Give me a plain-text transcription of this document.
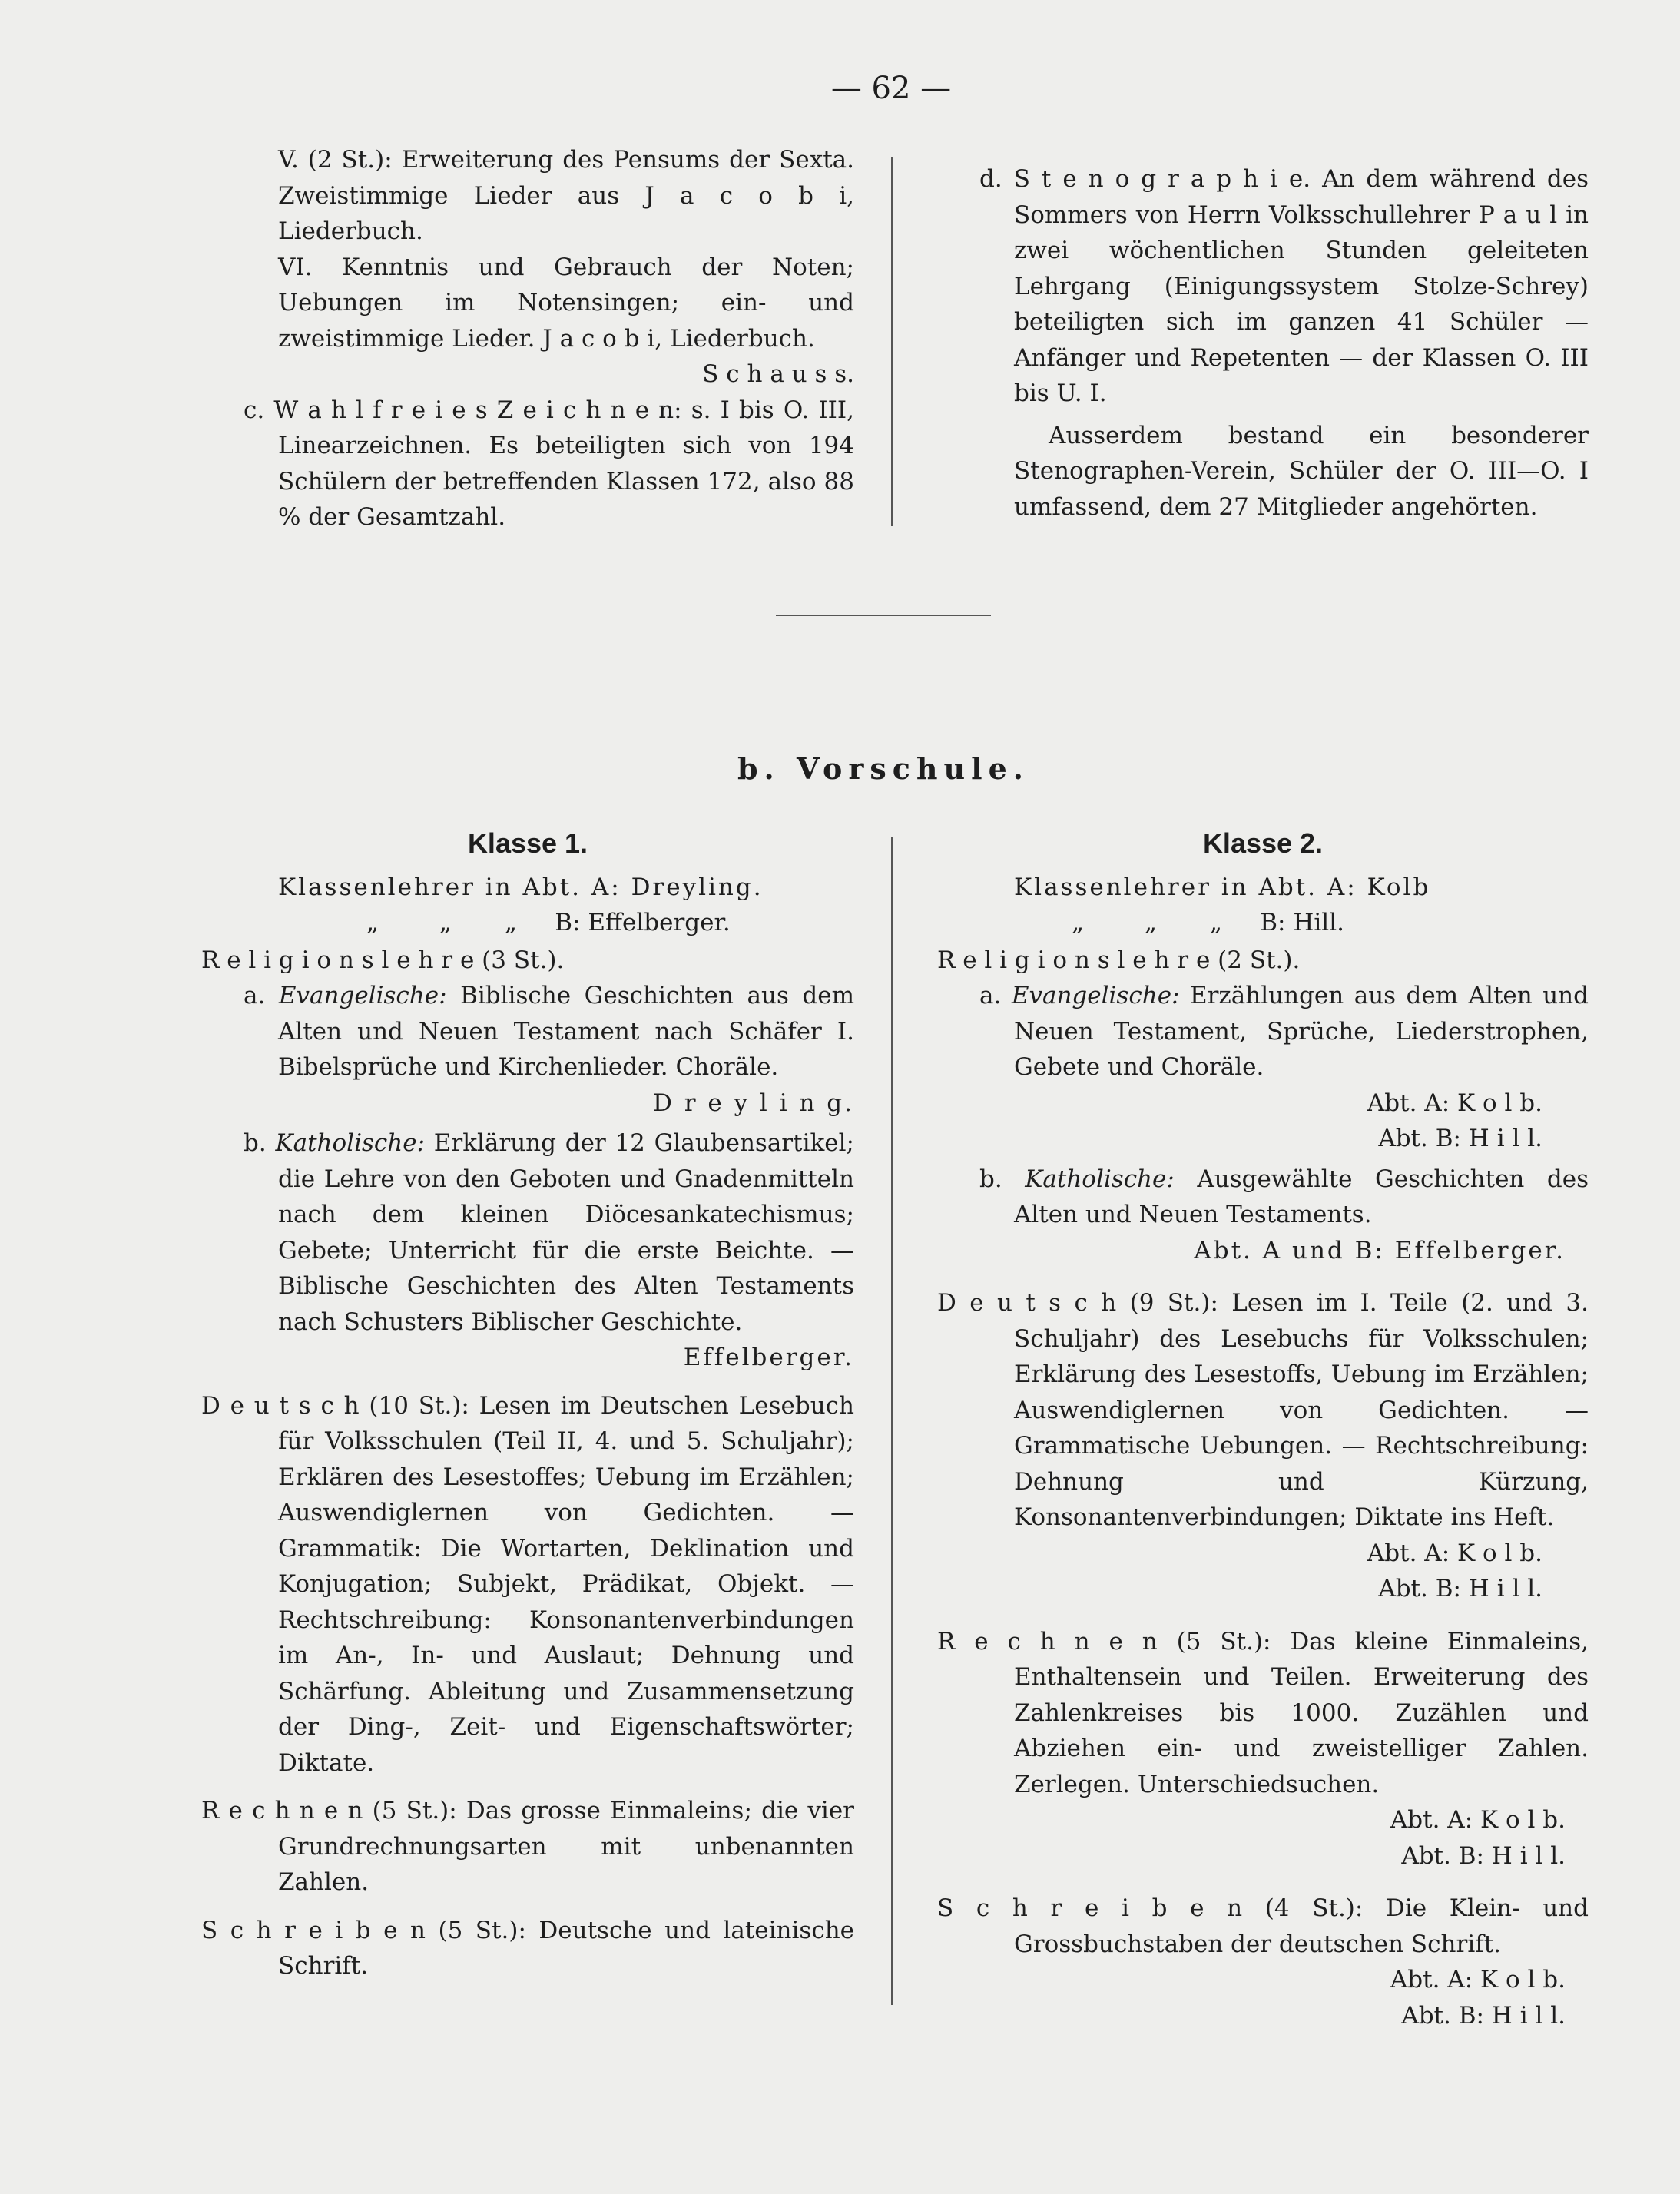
— 62 —

V. (2 St.): Erweiterung des Pensums der Sexta. Zweistimmige Lieder aus J a c o b i, Liederbuch.

VI. Kenntnis und Gebrauch der Noten; Uebungen im Notensingen; ein- und zweistimmige Lieder. J a c o b i, Liederbuch.

S c h a u s s.

c. W a h l f r e i e s Z e i c h n e n: s. I bis O. III, Linearzeichnen. Es beteiligten sich von 194 Schülern der betreffenden Klassen 172, also 88 % der Gesamtzahl.

d. S t e n o g r a p h i e. An dem während des Sommers von Herrn Volksschullehrer P a u l in zwei wöchentlichen Stunden geleiteten Lehrgang (Einigungssystem Stolze-Schrey) beteiligten sich im ganzen 41 Schüler — Anfänger und Repetenten — der Klassen O. III bis U. I.

Ausserdem bestand ein besonderer Stenographen-Verein, Schüler der O. III—O. I umfassend, dem 27 Mitglieder angehörten.

b. Vorschule.
Klasse 1.

Klassenlehrer in Abt. A: Dreyling.

„        „       „     B: Effelberger.

R e l i g i o n s l e h r e (3 St.).

a. Evangelische: Biblische Geschichten aus dem Alten und Neuen Testament nach Schäfer I. Bibelsprüche und Kirchenlieder. Choräle.

D r e y l i n g.

b. Katholische: Erklärung der 12 Glaubensartikel; die Lehre von den Geboten und Gnadenmitteln nach dem kleinen Diöcesankatechismus; Gebete; Unterricht für die erste Beichte. — Biblische Geschichten des Alten Testaments nach Schusters Biblischer Geschichte.

Effelberger.

D e u t s c h (10 St.): Lesen im Deutschen Lesebuch für Volksschulen (Teil II, 4. und 5. Schuljahr); Erklären des Lesestoffes; Uebung im Erzählen; Auswendiglernen von Gedichten. — Grammatik: Die Wortarten, Deklination und Konjugation; Subjekt, Prädikat, Objekt. — Rechtschreibung: Konsonantenverbindungen im An-, In- und Auslaut; Dehnung und Schärfung. Ableitung und Zusammensetzung der Ding-, Zeit- und Eigenschaftswörter; Diktate.

R e c h n e n (5 St.): Das grosse Einmaleins; die vier Grundrechnungsarten mit unbenannten Zahlen.

S c h r e i b e n (5 St.): Deutsche und lateinische Schrift.

Klasse 2.

Klassenlehrer in Abt. A: Kolb

„        „       „     B: Hill.

R e l i g i o n s l e h r e (2 St.).

a. Evangelische: Erzählungen aus dem Alten und Neuen Testament, Sprüche, Liederstrophen, Gebete und Choräle.

Abt. A: K o l b.

Abt. B: H i l l.

b. Katholische: Ausgewählte Geschichten des Alten und Neuen Testaments.

Abt. A und B: Effelberger.

D e u t s c h (9 St.): Lesen im I. Teile (2. und 3. Schuljahr) des Lesebuchs für Volksschulen; Erklärung des Lesestoffs, Uebung im Erzählen; Auswendiglernen von Gedichten. — Grammatische Uebungen. — Rechtschreibung: Dehnung und Kürzung, Konsonantenverbindungen; Diktate ins Heft.

Abt. A: K o l b.

Abt. B: H i l l.

R e c h n e n (5 St.): Das kleine Einmaleins, Enthaltensein und Teilen. Erweiterung des Zahlenkreises bis 1000. Zuzählen und Abziehen ein- und zweistelliger Zahlen. Zerlegen. Unterschiedsuchen.

Abt. A: K o l b.

Abt. B: H i l l.

S c h r e i b e n (4 St.): Die Klein- und Grossbuchstaben der deutschen Schrift.

Abt. A: K o l b.

Abt. B: H i l l.
